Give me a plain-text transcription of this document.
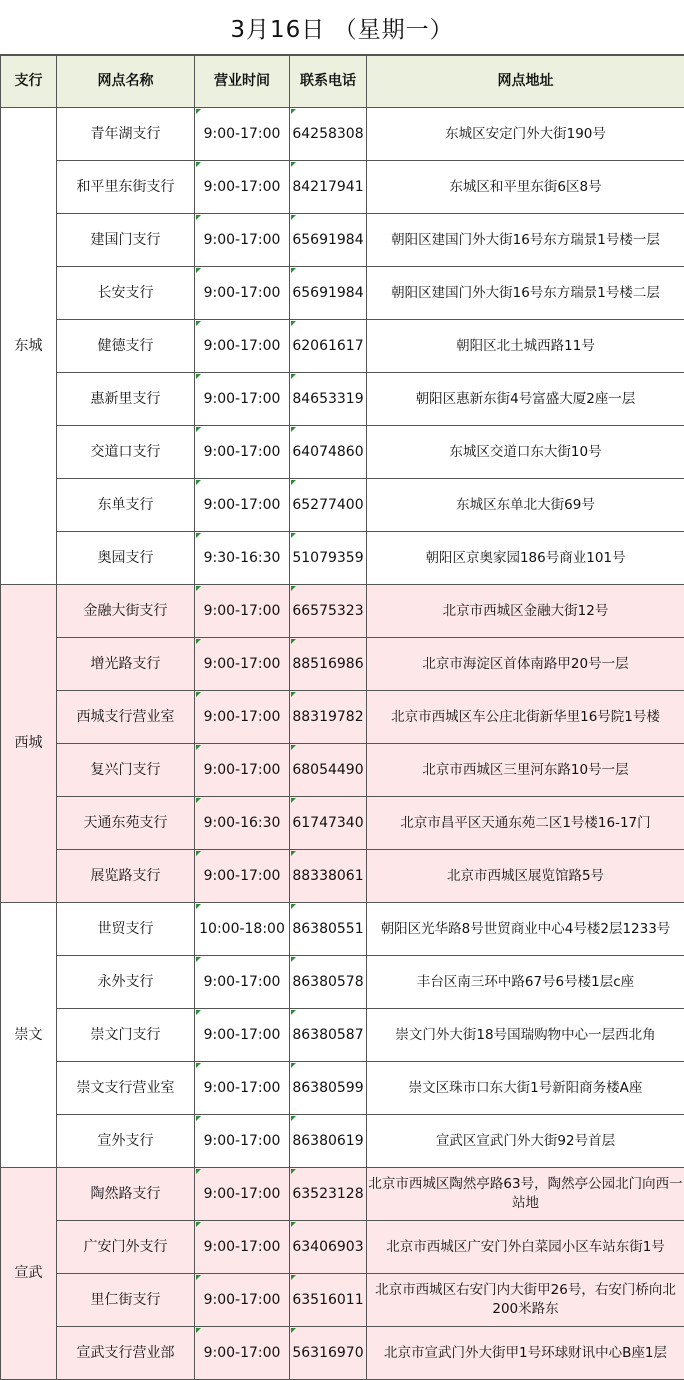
3月16日 （星期一）
支行	网点名称	营业时间	联系电话	网点地址
东城	青年湖支行	9:00-17:00	64258308	东城区安定门外大街190号
	和平里东街支行	9:00-17:00	84217941	东城区和平里东街6区8号
	建国门支行	9:00-17:00	65691984	朝阳区建国门外大街16号东方瑞景1号楼一层
	长安支行	9:00-17:00	65691984	朝阳区建国门外大街16号东方瑞景1号楼二层
	健德支行	9:00-17:00	62061617	朝阳区北土城西路11号
	惠新里支行	9:00-17:00	84653319	朝阳区惠新东街4号富盛大厦2座一层
	交道口支行	9:00-17:00	64074860	东城区交道口东大街10号
	东单支行	9:00-17:00	65277400	东城区东单北大街69号
	奥园支行	9:30-16:30	51079359	朝阳区京奥家园186号商业101号
西城	金融大街支行	9:00-17:00	66575323	北京市西城区金融大街12号
	增光路支行	9:00-17:00	88516986	北京市海淀区首体南路甲20号一层
	西城支行营业室	9:00-17:00	88319782	北京市西城区车公庄北街新华里16号院1号楼
	复兴门支行	9:00-17:00	68054490	北京市西城区三里河东路10号一层
	天通东苑支行	9:00-16:30	61747340	北京市昌平区天通东苑二区1号楼16-17门
	展览路支行	9:00-17:00	88338061	北京市西城区展览馆路5号
崇文	世贸支行	10:00-18:00	86380551	朝阳区光华路8号世贸商业中心4号楼2层1233号
	永外支行	9:00-17:00	86380578	丰台区南三环中路67号6号楼1层c座
	崇文门支行	9:00-17:00	86380587	崇文门外大街18号国瑞购物中心一层西北角
	崇文支行营业室	9:00-17:00	86380599	崇文区珠市口东大街1号新阳商务楼A座
	宣外支行	9:00-17:00	86380619	宣武区宣武门外大街92号首层
宣武	陶然路支行	9:00-17:00	63523128	北京市西城区陶然亭路63号，陶然亭公园北门向西一站地
	广安门外支行	9:00-17:00	63406903	北京市西城区广安门外白菜园小区车站东街1号
	里仁街支行	9:00-17:00	63516011	北京市西城区右安门内大街甲26号，右安门桥向北200米路东
	宣武支行营业部	9:00-17:00	56316970	北京市宣武门外大街甲1号环球财讯中心B座1层
